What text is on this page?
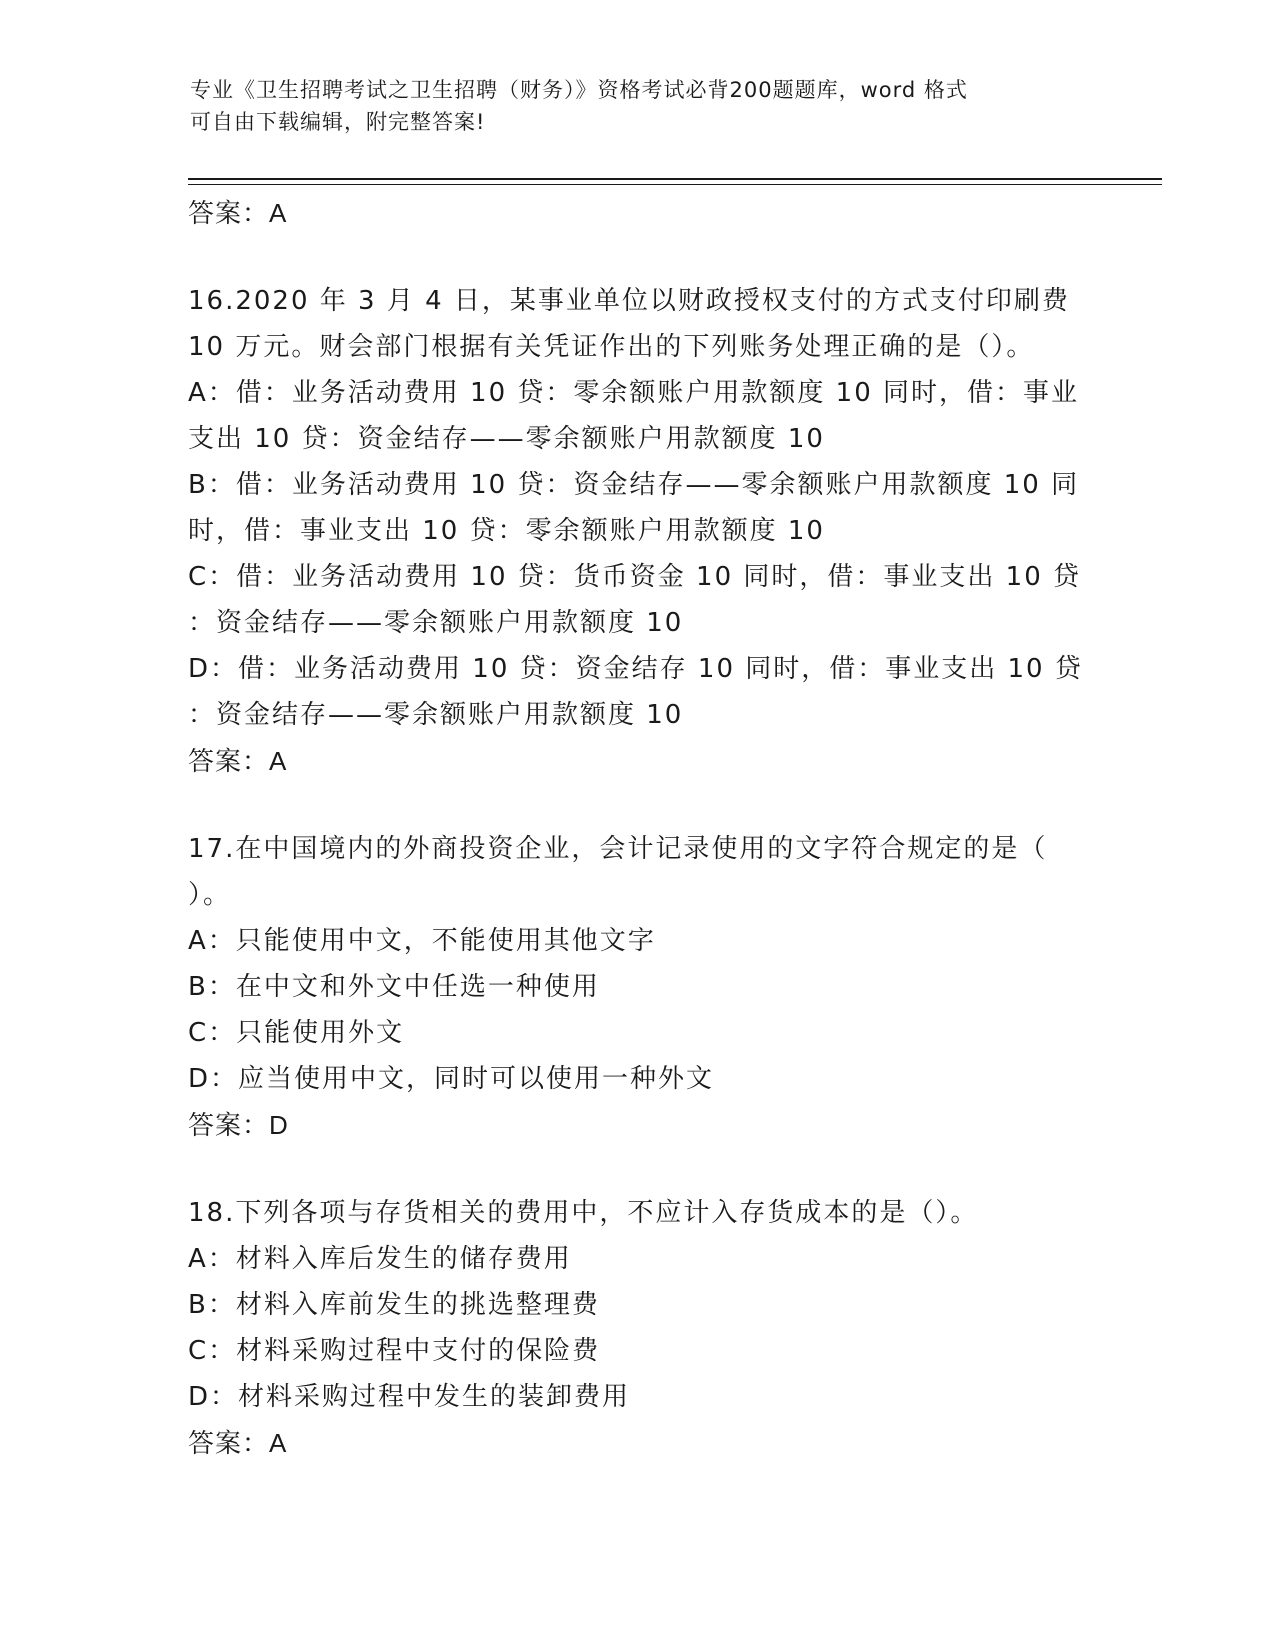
专业《卫生招聘考试之卫生招聘（财务）》资格考试必背200题题库，word 格式
可自由下载编辑，附完整答案!
答案：A
16.2020 年 3 月 4 日，某事业单位以财政授权支付的方式支付印刷费
10 万元。财会部门根据有关凭证作出的下列账务处理正确的是（）。
A：借：业务活动费用 10 贷：零余额账户用款额度 10 同时，借：事业
支出 10 贷：资金结存——零余额账户用款额度 10
B：借：业务活动费用 10 贷：资金结存——零余额账户用款额度 10 同
时，借：事业支出 10 贷：零余额账户用款额度 10
C：借：业务活动费用 10 贷：货币资金 10 同时，借：事业支出 10 贷
：资金结存——零余额账户用款额度 10
D：借：业务活动费用 10 贷：资金结存 10 同时，借：事业支出 10 贷
：资金结存——零余额账户用款额度 10
答案：A
17.在中国境内的外商投资企业，会计记录使用的文字符合规定的是（
）。
A：只能使用中文，不能使用其他文字
B：在中文和外文中任选一种使用
C：只能使用外文
D：应当使用中文，同时可以使用一种外文
答案：D
18.下列各项与存货相关的费用中，不应计入存货成本的是（）。
A：材料入库后发生的储存费用
B：材料入库前发生的挑选整理费
C：材料采购过程中支付的保险费
D：材料采购过程中发生的装卸费用
答案：A
